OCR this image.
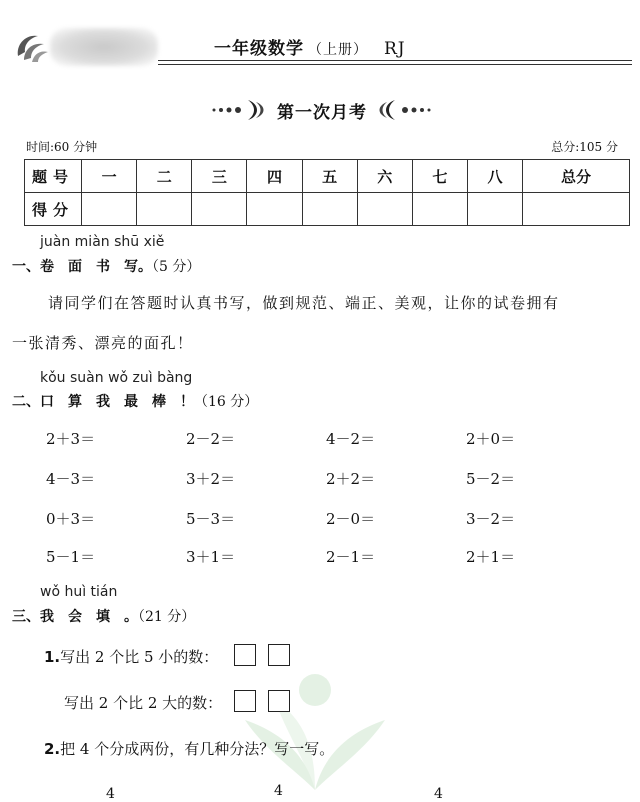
一年级数学 （上册） RJ
第一次月考
时间:60 分钟	总分:105 分
题号	一	二	三	四	五	六	七	八	总分
得分									
juàn miàn shū xiě
一、卷　面　书　写。（5 分）
请同学们在答题时认真书写，做到规范、端正、美观，让你的试卷拥有
一张清秀、漂亮的面孔！
kǒu suàn wǒ zuì bàng
二、口　算　我　最　棒　！（16 分）
2＋3＝	2－2＝	4－2＝	2＋0＝
4－3＝	3＋2＝	2＋2＝	5－2＝
0＋3＝	5－3＝	2－0＝	3－2＝
5－1＝	3＋1＝	2－1＝	2＋1＝
wǒ huì tián
三、我　会　填　。（21 分）
1.写出 2 个比 5 小的数：
写出 2 个比 2 大的数：
2.把 4 个分成两份，有几种分法？写一写。
4	4	4
